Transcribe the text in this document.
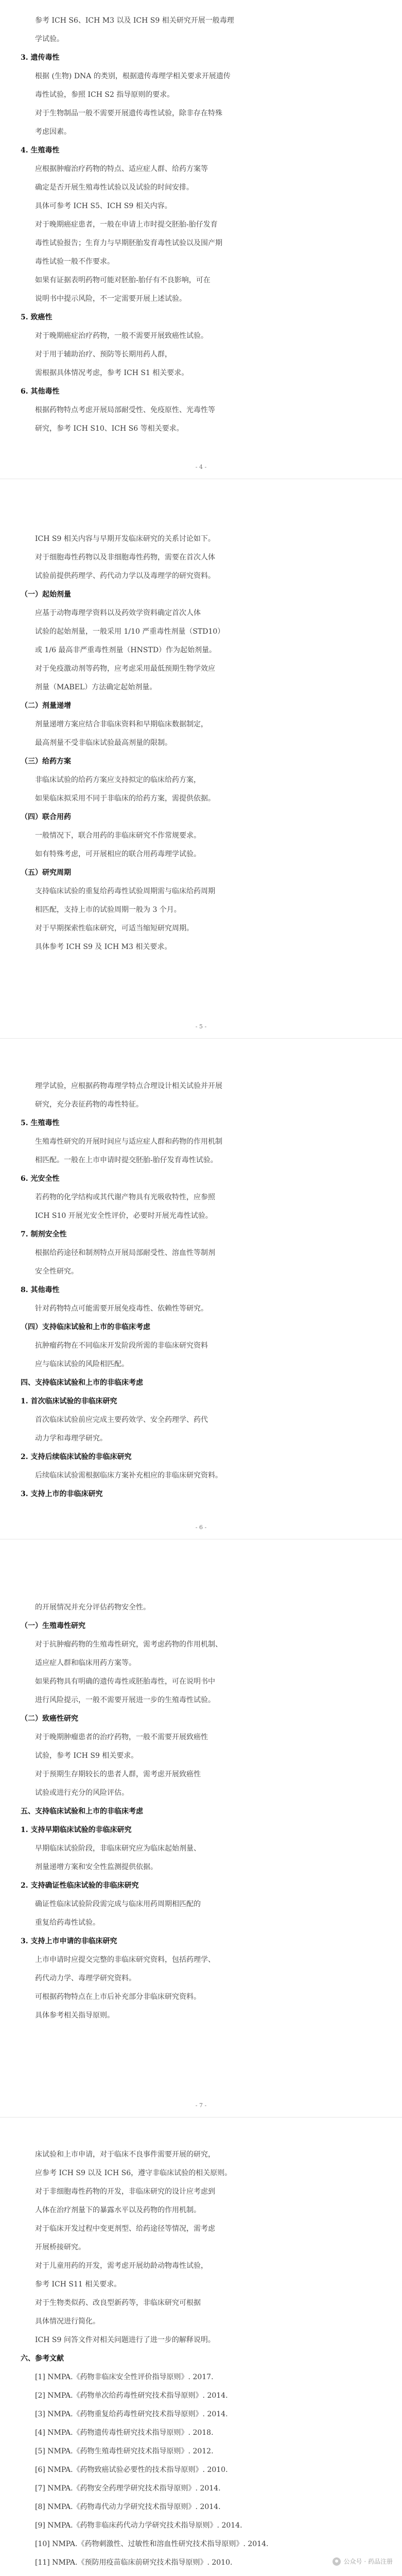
参考 ICH S6、ICH M3 以及 ICH S9 相关研究开展一般毒理
学试验。
3. 遗传毒性
根据 (生物) DNA 的类别，根据遗传毒理学相关要求开展遗传
毒性试验，参照 ICH S2 指导原则的要求。
对于生物制品一般不需要开展遗传毒性试验，除非存在特殊
考虑因素。
4. 生殖毒性
应根据肿瘤治疗药物的特点、适应症人群、给药方案等
确定是否开展生殖毒性试验以及试验的时间安排。
具体可参考 ICH S5、ICH S9 相关内容。
对于晚期癌症患者，一般在申请上市时提交胚胎-胎仔发育
毒性试验报告；生育力与早期胚胎发育毒性试验以及围产期
毒性试验一般不作要求。
如果有证据表明药物可能对胚胎-胎仔有不良影响，可在
说明书中提示风险，不一定需要开展上述试验。
5. 致癌性
对于晚期癌症治疗药物，一般不需要开展致癌性试验。
对于用于辅助治疗、预防等长期用药人群，
需根据具体情况考虑，参考 ICH S1 相关要求。
6. 其他毒性
根据药物特点考虑开展局部耐受性、免疫原性、光毒性等
研究，参考 ICH S10、ICH S6 等相关要求。
- 4 -
ICH S9 相关内容与早期开发临床研究的关系讨论如下。
对于细胞毒性药物以及非细胞毒性药物，需要在首次人体
试验前提供药理学、药代动力学以及毒理学的研究资料。
（一）起始剂量
应基于动物毒理学资料以及药效学资料确定首次人体
试验的起始剂量，一般采用 1/10 严重毒性剂量（STD10）
或 1/6 最高非严重毒性剂量（HNSTD）作为起始剂量。
对于免疫激动剂等药物，应考虑采用最低预期生物学效应
剂量（MABEL）方法确定起始剂量。
（二）剂量递增
剂量递增方案应结合非临床资料和早期临床数据制定，
最高剂量不受非临床试验最高剂量的限制。
（三）给药方案
非临床试验的给药方案应支持拟定的临床给药方案，
如果临床拟采用不同于非临床的给药方案，需提供依据。
（四）联合用药
一般情况下，联合用药的非临床研究不作常规要求。
如有特殊考虑，可开展相应的联合用药毒理学试验。
（五）研究周期
支持临床试验的重复给药毒性试验周期需与临床给药周期
相匹配，支持上市的试验周期一般为 3 个月。
对于早期探索性临床研究，可适当缩短研究周期。
具体参考 ICH S9 及 ICH M3 相关要求。
- 5 -
理学试验，应根据药物毒理学特点合理设计相关试验并开展
研究，充分表征药物的毒性特征。
5. 生殖毒性
生殖毒性研究的开展时间应与适应症人群和药物的作用机制
相匹配。一般在上市申请时提交胚胎-胎仔发育毒性试验。
6. 光安全性
若药物的化学结构或其代谢产物具有光吸收特性，应参照
ICH S10 开展光安全性评价，必要时开展光毒性试验。
7. 制剂安全性
根据给药途径和制剂特点开展局部耐受性、溶血性等制剂
安全性研究。
8. 其他毒性
针对药物特点可能需要开展免疫毒性、依赖性等研究。
（四）支持临床试验和上市的非临床考虑
抗肿瘤药物在不同临床开发阶段所需的非临床研究资料
应与临床试验的风险相匹配。
四、支持临床试验和上市的非临床考虑
1. 首次临床试验的非临床研究
首次临床试验前应完成主要药效学、安全药理学、药代
动力学和毒理学研究。
2. 支持后续临床试验的非临床研究
后续临床试验需根据临床方案补充相应的非临床研究资料。
3. 支持上市的非临床研究
- 6 -
的开展情况并充分评估药物安全性。
（一）生殖毒性研究
对于抗肿瘤药物的生殖毒性研究，需考虑药物的作用机制、
适应症人群和临床用药方案等。
如果药物具有明确的遗传毒性或胚胎毒性，可在说明书中
进行风险提示，一般不需要开展进一步的生殖毒性试验。
（二）致癌性研究
对于晚期肿瘤患者的治疗药物，一般不需要开展致癌性
试验，参考 ICH S9 相关要求。
对于预期生存期较长的患者人群，需考虑开展致癌性
试验或进行充分的风险评估。
五、支持临床试验和上市的非临床考虑
1. 支持早期临床试验的非临床研究
早期临床试验阶段，非临床研究应为临床起始剂量、
剂量递增方案和安全性监测提供依据。
2. 支持确证性临床试验的非临床研究
确证性临床试验阶段需完成与临床用药周期相匹配的
重复给药毒性试验。
3. 支持上市申请的非临床研究
上市申请时应提交完整的非临床研究资料，包括药理学、
药代动力学、毒理学研究资料。
可根据药物特点在上市后补充部分非临床研究资料。
具体参考相关指导原则。
- 7 -
床试验和上市申请，对于临床不良事件需要开展的研究，
应参考 ICH S9 以及 ICH S6，遵守非临床试验的相关原则。
对于非细胞毒性药物的开发，非临床研究的设计应考虑到
人体在治疗剂量下的暴露水平以及药物的作用机制。
对于临床开发过程中变更剂型、给药途径等情况，需考虑
开展桥接研究。
对于儿童用药的开发，需考虑开展幼龄动物毒性试验，
参考 ICH S11 相关要求。
对于生物类似药、改良型新药等，非临床研究可根据
具体情况进行简化。
ICH S9 问答文件对相关问题进行了进一步的解释说明。
六、参考文献
[1] NMPA.《药物非临床安全性评价指导原则》. 2017.
[2] NMPA.《药物单次给药毒性研究技术指导原则》. 2014.
[3] NMPA.《药物重复给药毒性研究技术指导原则》. 2014.
[4] NMPA.《药物遗传毒性研究技术指导原则》. 2018.
[5] NMPA.《药物生殖毒性研究技术指导原则》. 2012.
[6] NMPA.《药物致癌试验必要性的技术指导原则》. 2010.
[7] NMPA.《药物安全药理学研究技术指导原则》. 2014.
[8] NMPA.《药物毒代动力学研究技术指导原则》. 2014.
[9] NMPA.《药物非临床药代动力学研究技术指导原则》. 2014.
[10] NMPA.《药物刺激性、过敏性和溶血性研究技术指导原则》. 2014.
[11] NMPA.《预防用疫苗临床前研究技术指导原则》. 2010.	公众号 · 药品注册
